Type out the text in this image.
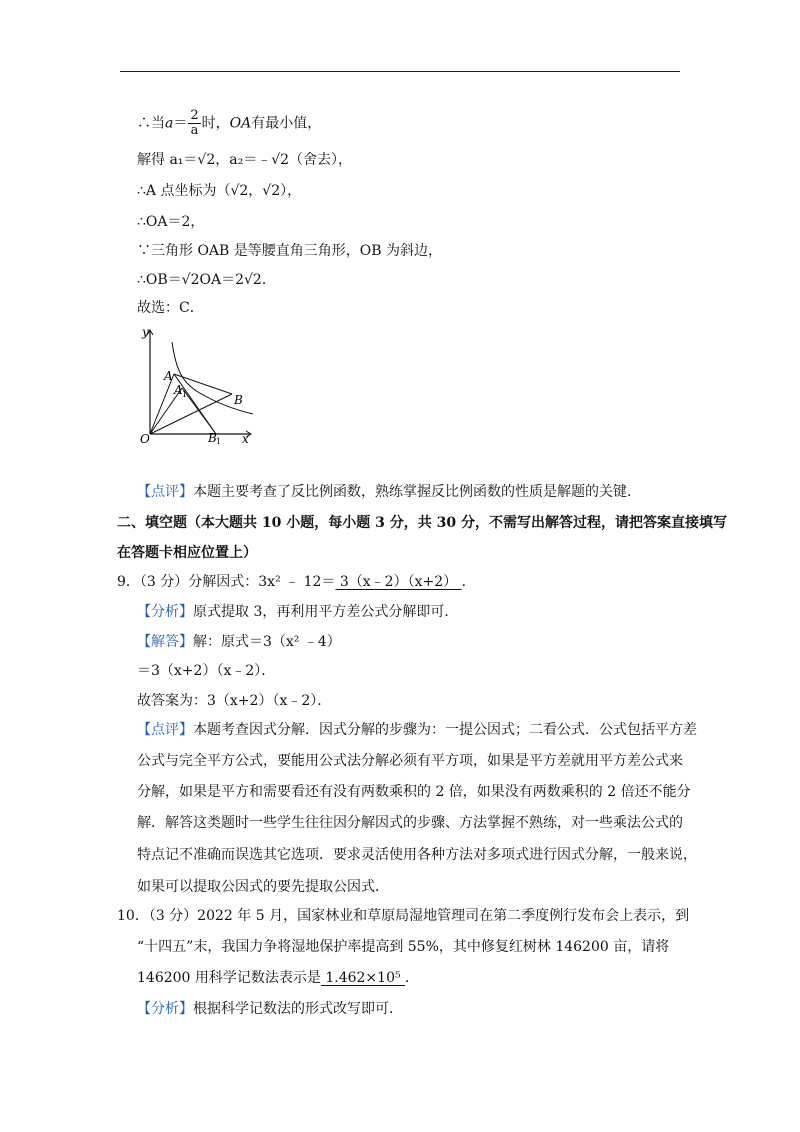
∴当$a= \frac{2}{a}$ 时，OA有最小值，
解得 a₁＝√2，a₂＝﹣√2（舍去），
∴A 点坐标为（√2，√2），
∴OA＝2，
∵三角形 OAB 是等腰直角三角形，OB 为斜边，
∴OB＝√2OA＝2√2．
故选：C．
y
x
O
A
A 1	B
B 1
【点评】本题主要考查了反比例函数，熟练掌握反比例函数的性质是解题的关键．
二、填空题（本大题共 10 小题，每小题 3 分，共 30 分，不需写出解答过程，请把答案直接填写
在答题卡相应位置上）
9．（3 分）分解因式：3x² ﹣ 12＝ 3（x﹣2）（x+2） ．
【分析】原式提取 3，再利用平方差公式分解即可．
【解答】解：原式＝3（x² ﹣4）
＝3（x+2）（x﹣2）．
故答案为：3（x+2）（x﹣2）．
【点评】本题考查因式分解．因式分解的步骤为：一提公因式；二看公式．公式包括平方差
公式与完全平方公式，要能用公式法分解必须有平方项，如果是平方差就用平方差公式来
分解，如果是平方和需要看还有没有两数乘积的 2 倍，如果没有两数乘积的 2 倍还不能分
解．解答这类题时一些学生往往因分解因式的步骤、方法掌握不熟练，对一些乘法公式的
特点记不准确而误选其它选项．要求灵活使用各种方法对多项式进行因式分解，一般来说，
如果可以提取公因式的要先提取公因式．
10．（3 分）2022 年 5 月，国家林业和草原局湿地管理司在第二季度例行发布会上表示，到
“十四五”末，我国力争将湿地保护率提高到 55%，其中修复红树林 146200 亩，请将
146200 用科学记数法表示是 1.462×10⁵ ．
【分析】根据科学记数法的形式改写即可．
